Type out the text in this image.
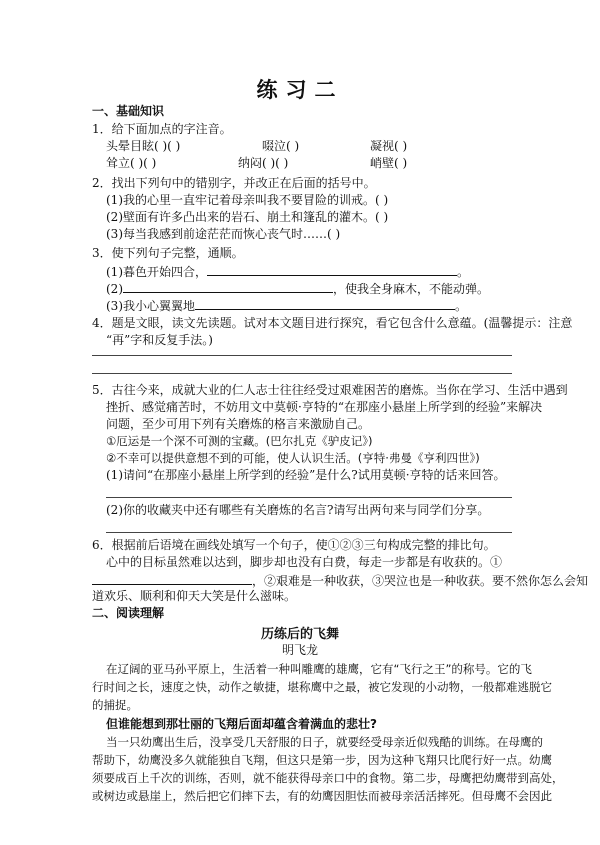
练习二
一、基础知识
1．给下面加点的字注音。
头晕目眩( )( )	啜泣( )	凝视( )
耸立( )( )	纳闷( )( )	峭壁( )
2．找出下列句中的错别字，并改正在后面的括号中。
(1)我的心里一直牢记着母亲叫我不要冒险的训戒。( )
(2)壁面有许多凸出来的岩石、崩土和篷乱的灌木。( )
(3)每当我感到前途茫茫而恢心丧气时……( )
3．使下列句子完整，通顺。
(1)暮色开始四合，	。
(2)	，使我全身麻木，不能动弹。
(3)我小心翼翼地	。
4．题是文眼，读文先读题。试对本文题目进行探究，看它包含什么意蕴。(温馨提示：注意
“再”字和反复手法。)
5．古往今来，成就大业的仁人志士往往经受过艰难困苦的磨炼。当你在学习、生活中遇到
挫折、感觉痛苦时，不妨用文中莫顿·亨特的“在那座小悬崖上所学到的经验”来解决
问题，至少可用下列有关磨炼的格言来激励自己。
①厄运是一个深不可测的宝藏。(巴尔扎克《驴皮记》)
②不幸可以提供意想不到的可能，使人认识生活。(亨特·弗曼《亨利四世》)
(1)请问“在那座小悬崖上所学到的经验”是什么?试用莫顿·亨特的话来回答。
(2)你的收藏夹中还有哪些有关磨炼的名言?请写出两句来与同学们分享。
6．根据前后语境在画线处填写一个句子，使①②③三句构成完整的排比句。
心中的目标虽然难以达到，脚步却也没有白费，每走一步都是有收获的。①
，②艰难是一种收获，③哭泣也是一种收获。要不然你怎么会知
道欢乐、顺利和仰天大笑是什么滋味。
二、阅读理解
历练后的飞舞
明飞龙
在辽阔的亚马孙平原上，生活着一种叫雕鹰的雄鹰，它有“飞行之王”的称号。它的飞
行时间之长，速度之快，动作之敏捷，堪称鹰中之最，被它发现的小动物，一般都难逃脱它
的捕捉。
但谁能想到那壮丽的飞翔后面却蕴含着满血的悲壮?
当一只幼鹰出生后，没享受几天舒服的日子，就要经受母亲近似残酷的训练。在母鹰的
帮助下，幼鹰没多久就能独自飞翔，但这只是第一步，因为这种飞翔只比爬行好一点。幼鹰
须要成百上千次的训练，否则，就不能获得母亲口中的食物。第二步，母鹰把幼鹰带到高处，
或树边或悬崖上，然后把它们摔下去，有的幼鹰因胆怯而被母亲活活摔死。但母鹰不会因此
